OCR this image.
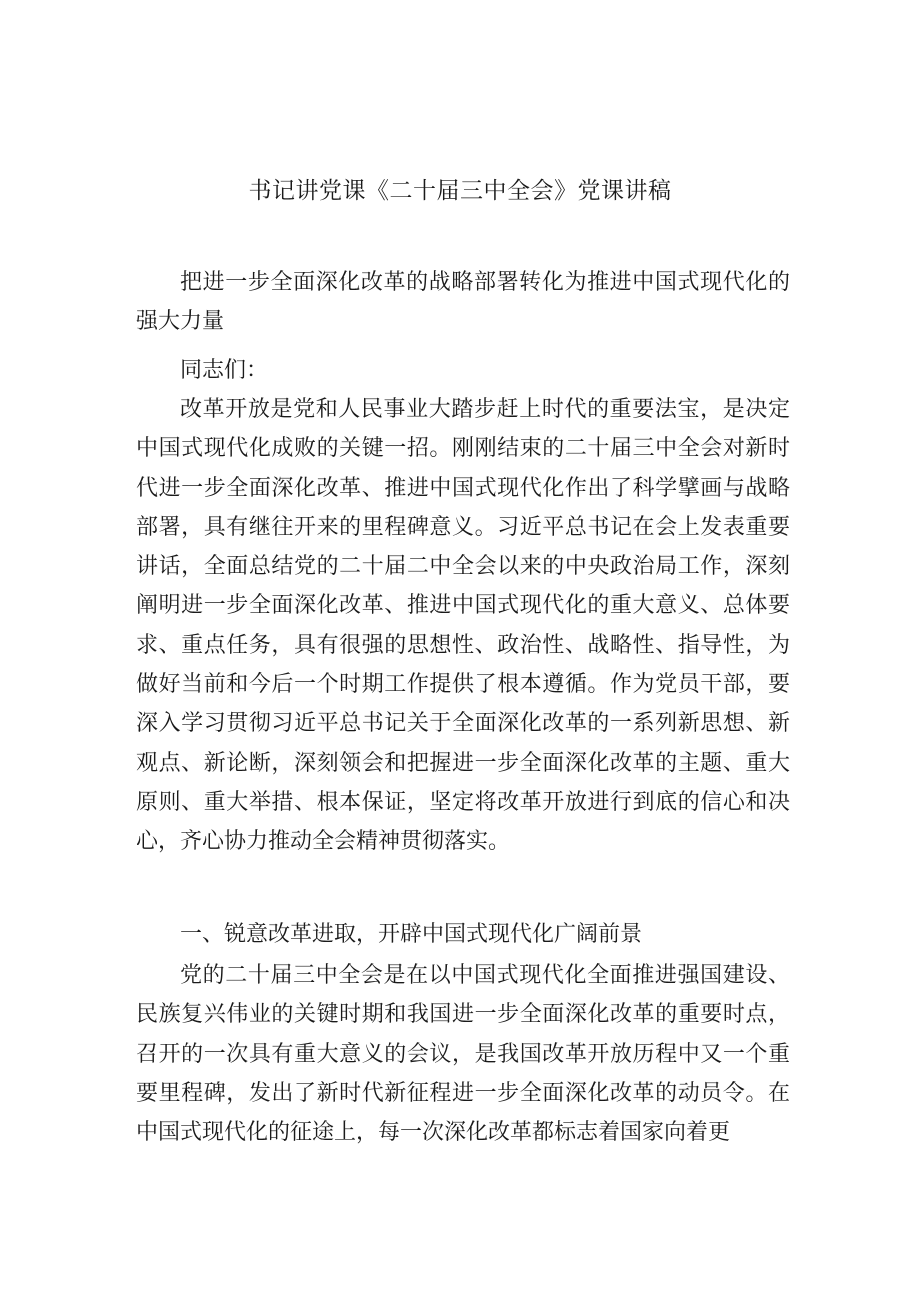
书记讲党课《二十届三中全会》党课讲稿

把进一步全面深化改革的战略部署转化为推进中国式现代化的强大力量

同志们：

改革开放是党和人民事业大踏步赶上时代的重要法宝，是决定中国式现代化成败的关键一招。刚刚结束的二十届三中全会对新时代进一步全面深化改革、推进中国式现代化作出了科学擘画与战略部署，具有继往开来的里程碑意义。习近平总书记在会上发表重要讲话，全面总结党的二十届二中全会以来的中央政治局工作，深刻阐明进一步全面深化改革、推进中国式现代化的重大意义、总体要求、重点任务，具有很强的思想性、政治性、战略性、指导性，为做好当前和今后一个时期工作提供了根本遵循。作为党员干部，要深入学习贯彻习近平总书记关于全面深化改革的一系列新思想、新观点、新论断，深刻领会和把握进一步全面深化改革的主题、重大原则、重大举措、根本保证，坚定将改革开放进行到底的信心和决心，齐心协力推动全会精神贯彻落实。

一、锐意改革进取，开辟中国式现代化广阔前景

党的二十届三中全会是在以中国式现代化全面推进强国建设、民族复兴伟业的关键时期和我国进一步全面深化改革的重要时点，召开的一次具有重大意义的会议，是我国改革开放历程中又一个重要里程碑，发出了新时代新征程进一步全面深化改革的动员令。在中国式现代化的征途上，每一次深化改革都标志着国家向着更
